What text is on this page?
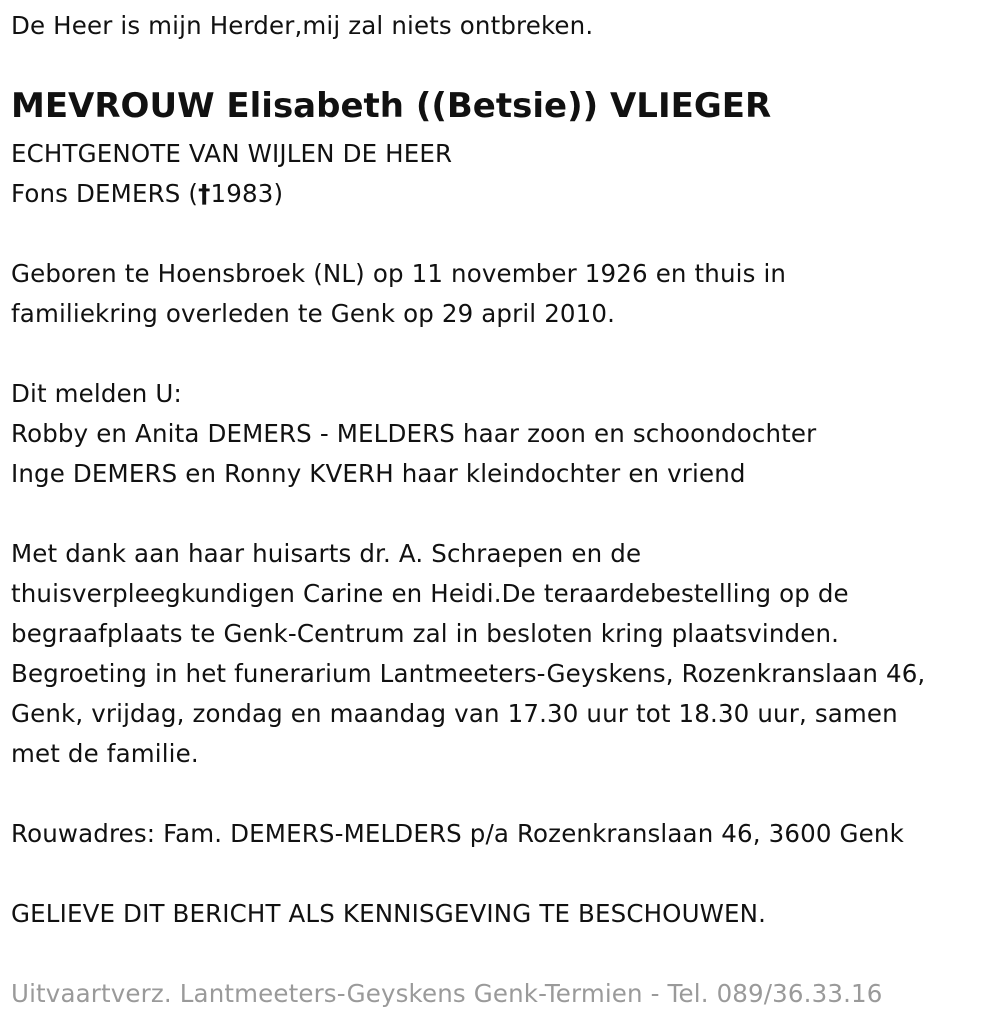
De Heer is mijn Herder,mij zal niets ontbreken.
MEVROUW Elisabeth ((Betsie)) VLIEGER
ECHTGENOTE VAN WIJLEN DE HEER
Fons DEMERS (†1983)
Geboren te Hoensbroek (NL) op 11 november 1926 en thuis in
familiekring overleden te Genk op 29 april 2010.
Dit melden U:
Robby en Anita DEMERS - MELDERS haar zoon en schoondochter
Inge DEMERS en Ronny KVERH haar kleindochter en vriend
Met dank aan haar huisarts dr. A. Schraepen en de
thuisverpleegkundigen Carine en Heidi.De teraardebestelling op de
begraafplaats te Genk-Centrum zal in besloten kring plaatsvinden.
Begroeting in het funerarium Lantmeeters-Geyskens, Rozenkranslaan 46,
Genk, vrijdag, zondag en maandag van 17.30 uur tot 18.30 uur, samen
met de familie.
Rouwadres: Fam. DEMERS-MELDERS p/a Rozenkranslaan 46, 3600 Genk
GELIEVE DIT BERICHT ALS KENNISGEVING TE BESCHOUWEN.
Uitvaartverz. Lantmeeters-Geyskens Genk-Termien - Tel. 089/36.33.16
